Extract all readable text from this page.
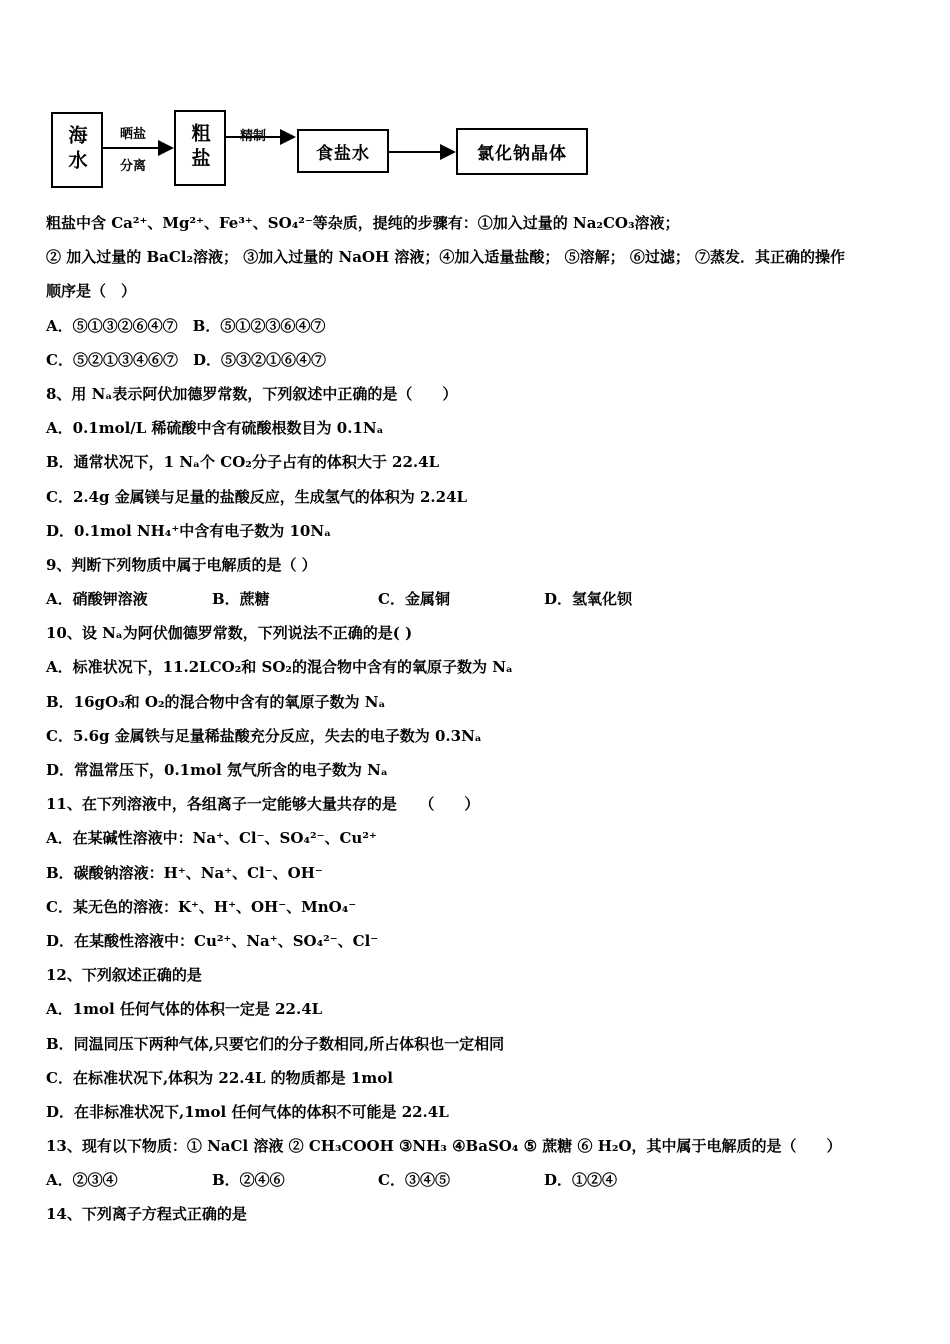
海水	晒盐
分离	粗盐	精制
食盐水	氯化钠晶体
粗盐中含 Ca²⁺、Mg²⁺、Fe³⁺、SO₄²⁻等杂质，提纯的步骤有：①加入过量的 Na₂CO₃溶液；
② 加入过量的 BaCl₂溶液； ③加入过量的 NaOH 溶液；④加入适量盐酸； ⑤溶解； ⑥过滤； ⑦蒸发．其正确的操作
顺序是（　）
A．⑤①③②⑥④⑦　B．⑤①②③⑥④⑦
C．⑤②①③④⑥⑦　D．⑤③②①⑥④⑦
8、用 Nₐ表示阿伏加德罗常数，下列叙述中正确的是（　　）
A．0.1mol/L 稀硫酸中含有硫酸根数目为 0.1Nₐ
B．通常状况下，1 Nₐ个 CO₂分子占有的体积大于 22.4L
C．2.4g 金属镁与足量的盐酸反应，生成氢气的体积为 2.24L
D．0.1mol NH₄⁺中含有电子数为 10Nₐ
9、判断下列物质中属于电解质的是（ ）
A．硝酸钾溶液	B．蔗糖	C．金属铜	D．氢氧化钡
10、设 Nₐ为阿伏伽德罗常数，下列说法不正确的是( )
A．标准状况下，11.2LCO₂和 SO₂的混合物中含有的氧原子数为 Nₐ
B．16gO₃和 O₂的混合物中含有的氧原子数为 Nₐ
C．5.6g 金属铁与足量稀盐酸充分反应，失去的电子数为 0.3Nₐ
D．常温常压下，0.1mol 氖气所含的电子数为 Nₐ
11、在下列溶液中，各组离子一定能够大量共存的是　　（　　）
A．在某碱性溶液中：Na⁺、Cl⁻、SO₄²⁻、Cu²⁺
B．碳酸钠溶液：H⁺、Na⁺、Cl⁻、OH⁻
C．某无色的溶液：K⁺、H⁺、OH⁻、MnO₄⁻
D．在某酸性溶液中：Cu²⁺、Na⁺、SO₄²⁻、Cl⁻
12、下列叙述正确的是
A．1mol 任何气体的体积一定是 22.4L
B．同温同压下两种气体,只要它们的分子数相同,所占体积也一定相同
C．在标准状况下,体积为 22.4L 的物质都是 1mol
D．在非标准状况下,1mol 任何气体的体积不可能是 22.4L
13、现有以下物质：① NaCl 溶液 ② CH₃COOH ③NH₃ ④BaSO₄ ⑤ 蔗糖 ⑥ H₂O，其中属于电解质的是（　　）
A．②③④	B．②④⑥	C．③④⑤	D．①②④
14、下列离子方程式正确的是
